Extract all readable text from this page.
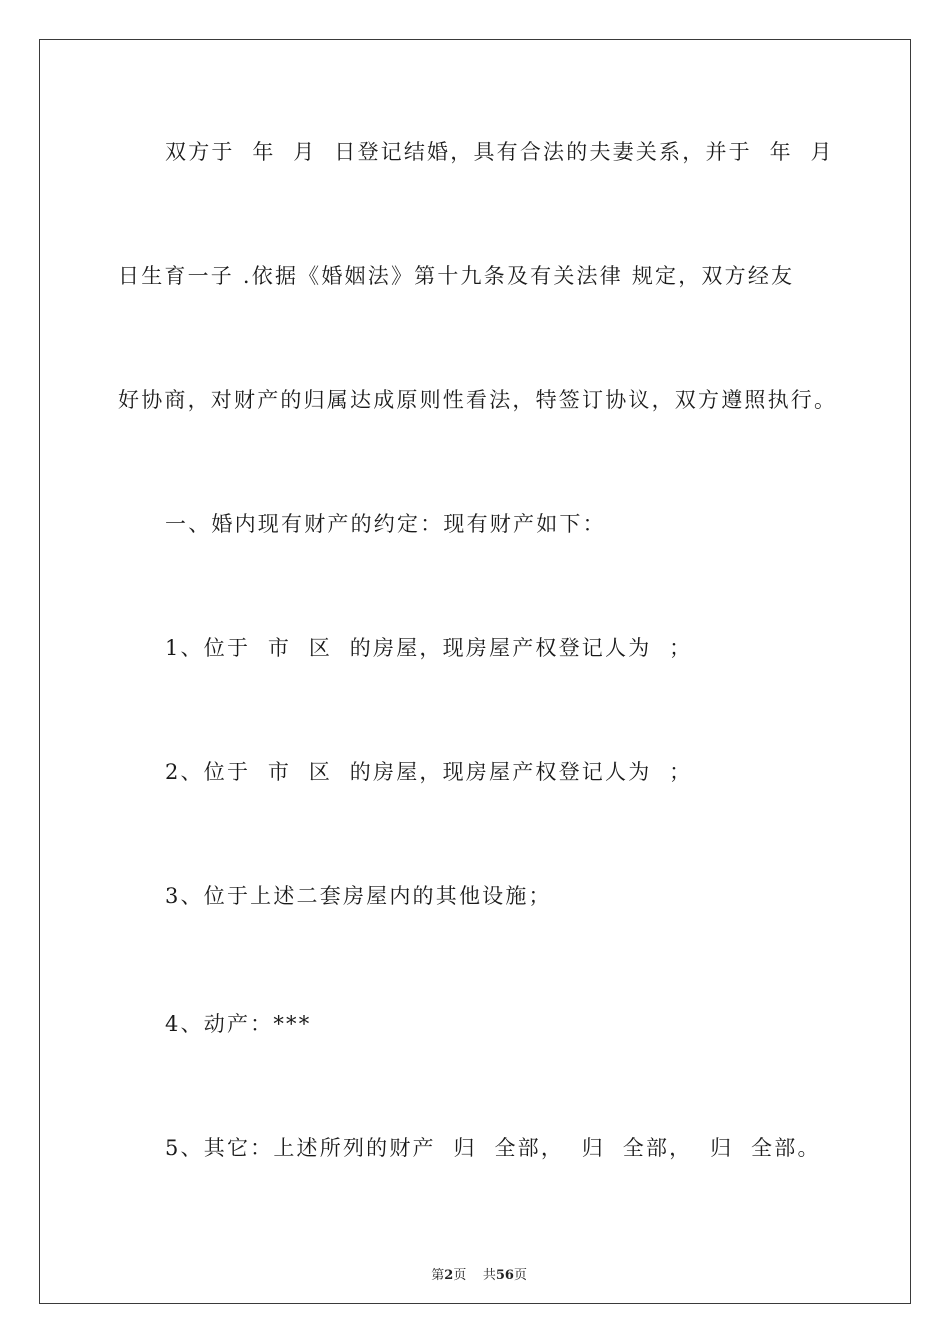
双方于  年  月  日登记结婚，具有合法的夫妻关系，并于  年  月
日生育一子 .依据《婚姻法》第十九条及有关法律 规定，双方经友
好协商，对财产的归属达成原则性看法，特签订协议，双方遵照执行。
一、婚内现有财产的约定：现有财产如下：
1、位于  市  区  的房屋，现房屋产权登记人为  ；
2、位于  市  区  的房屋，现房屋产权登记人为  ；
3、位于上述二套房屋内的其他设施；
4、动产：***
5、其它：上述所列的财产  归  全部，  归  全部，  归  全部。

第2页 共56页
